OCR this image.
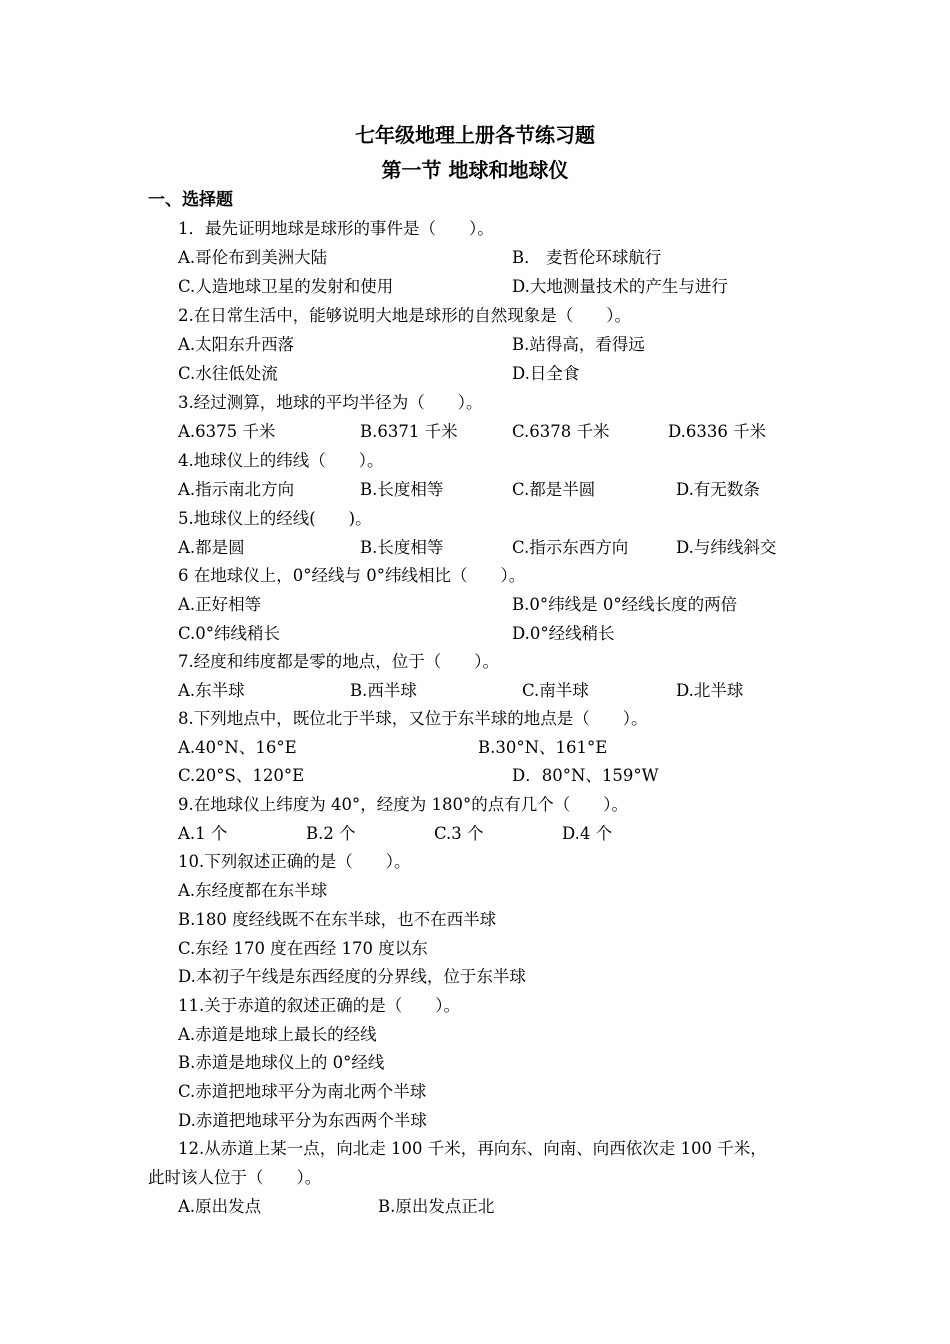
七年级地理上册各节练习题
第一节 地球和地球仪
一、选择题
1．最先证明地球是球形的事件是（　　）。
A.哥伦布到美洲大陆	B． 麦哲伦环球航行
C.人造地球卫星的发射和使用	D.大地测量技术的产生与进行
2.在日常生活中，能够说明大地是球形的自然现象是（　　）。
A.太阳东升西落	B.站得高，看得远
C.水往低处流	D.日全食
3.经过测算，地球的平均半径为（　　）。
A.6375 千米	B.6371 千米	C.6378 千米	D.6336 千米
4.地球仪上的纬线（　　）。
A.指示南北方向	B.长度相等	C.都是半圆	D.有无数条
5.地球仪上的经线(　　)。
A.都是圆	B.长度相等	C.指示东西方向	D.与纬线斜交
6 在地球仪上，0°经线与 0°纬线相比（　　）。
A.正好相等	B.0°纬线是 0°经线长度的两倍
C.0°纬线稍长	D.0°经线稍长
7.经度和纬度都是零的地点，位于（　　）。
A.东半球	B.西半球	C.南半球	D.北半球
8.下列地点中，既位北于半球，又位于东半球的地点是（　　）。
A.40°N、16°E	B.30°N、161°E
C.20°S、120°E	D．80°N、159°W
9.在地球仪上纬度为 40°，经度为 180°的点有几个（　　）。
A.1 个	B.2 个	C.3 个	D.4 个
10.下列叙述正确的是（　　）。
A.东经度都在东半球
B.180 度经线既不在东半球，也不在西半球
C.东经 170 度在西经 170 度以东
D.本初子午线是东西经度的分界线，位于东半球
11.关于赤道的叙述正确的是（　　）。
A.赤道是地球上最长的经线
B.赤道是地球仪上的 0°经线
C.赤道把地球平分为南北两个半球
D.赤道把地球平分为东西两个半球
12.从赤道上某一点，向北走 100 千米，再向东、向南、向西依次走 100 千米，
此时该人位于（　　）。
A.原出发点	B.原出发点正北
